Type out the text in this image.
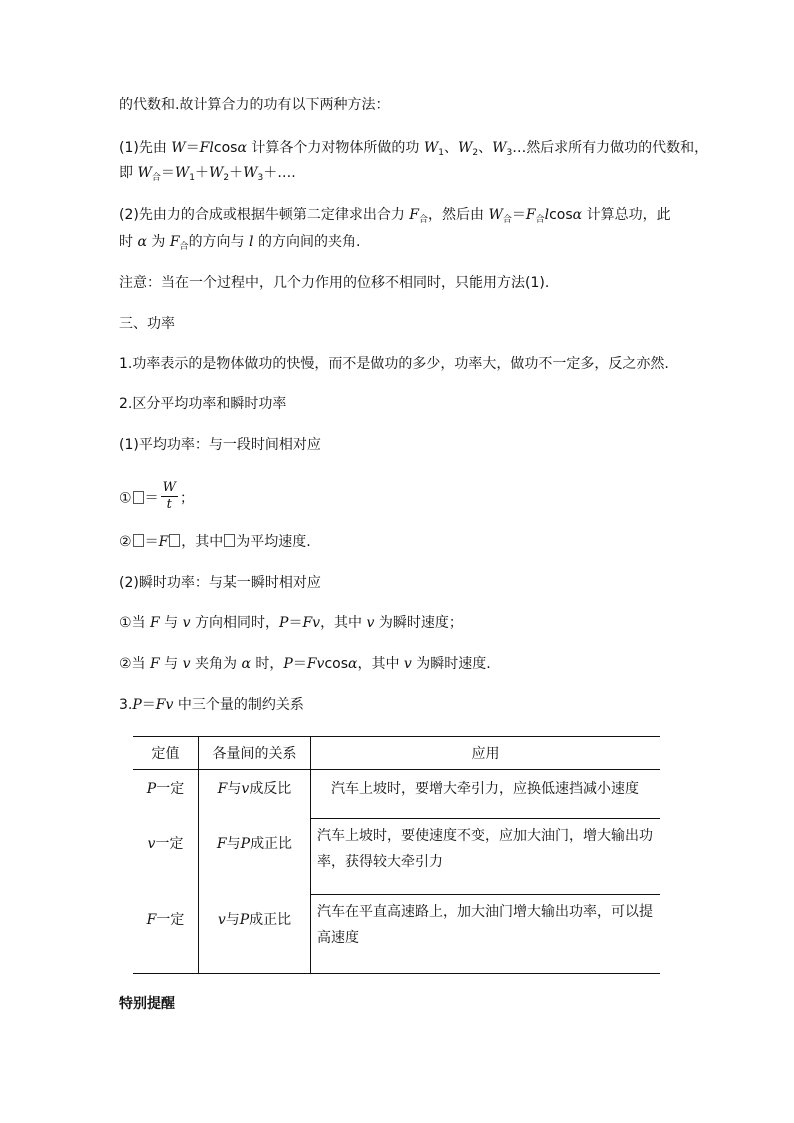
的代数和.故计算合力的功有以下两种方法：
(1)先由 W＝Flcosα 计算各个力对物体所做的功 $W_1$、$W_2$、$W_3\dots$然后求所有力做功的代数和，
即 $W_合=W_1+W_2+W_3+\dots$.
(2)先由力的合成或根据牛顿第二定律求出合力 $F_合$，然后由 $W_合=F_合lcos\alpha$ 计算总功，此
时 α 为 $F_合$的方向与 l 的方向间的夹角.
注意：当在一个过程中，几个力作用的位移不相同时，只能用方法(1).
三、功率
1.功率表示的是物体做功的快慢，而不是做功的多少，功率大，做功不一定多，反之亦然.
2.区分平均功率和瞬时功率
(1)平均功率：与一段时间相对应
① ＝ $\frac{W}{t}$ ；
② ＝F ，其中 为平均速度.
(2)瞬时功率：与某一瞬时相对应
①当 F 与 v 方向相同时，P＝Fv，其中 v 为瞬时速度；
②当 F 与 v 夹角为 α 时，P＝Fvcosα，其中 v 为瞬时速度.
3.P＝Fv 中三个量的制约关系
定值	各量间的关系	应用
P一定	F与v成反比	汽车上坡时，要增大牵引力，应换低速挡减小速度
v一定	F与P成正比	汽车上坡时，要使速度不变，应加大油门，增大输出功率，获得较大牵引力
F一定	v与P成正比	汽车在平直高速路上，加大油门增大输出功率，可以提高速度
特别提醒
